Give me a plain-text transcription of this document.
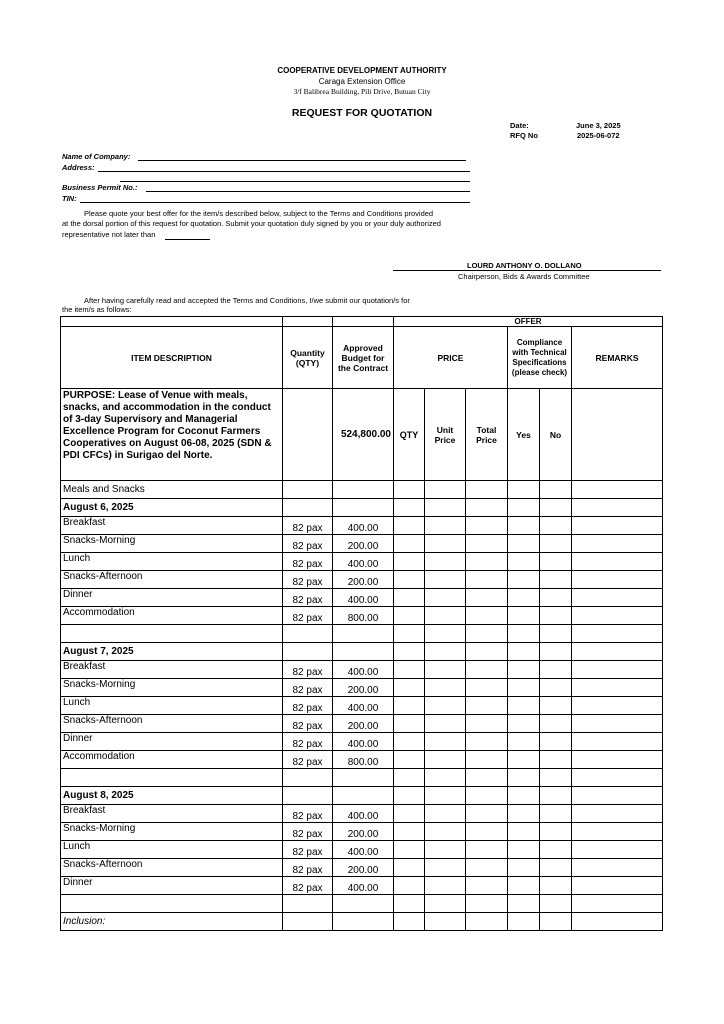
COOPERATIVE DEVELOPMENT AUTHORITY
Caraga Extension Office
3/f Balibrea Building, Pili Drive, Butuan City
REQUEST FOR QUOTATION
Date:	June 3, 2025
RFQ No	2025-06-072
Name of Company:
Address:
Business Permit No.:
TIN:
Please quote your best offer for the item/s described below, subject to the Terms and Conditions provided
at the dorsal portion of this request for quotation. Submit your quotation duly signed by you or your duly authorized
representative not later than
LOURD ANTHONY O. DOLLANO
Chairperson, Bids & Awards Committee
After having carefully read and accepted the Terms and Conditions, I/we submit our quotation/s for
the item/s as follows:
			OFFER					
ITEM DESCRIPTION	Quantity (QTY)	Approved Budget for the Contract	PRICE			Compliance with Technical Specifications (please check)		REMARKS
PURPOSE: Lease of Venue with meals, snacks, and accommodation in the conduct of 3-day Supervisory and Managerial Excellence Program for Coconut Farmers Cooperatives on August 06-08, 2025 (SDN & PDI CFCs) in Surigao del Norte.		524,800.00	QTY	Unit Price	Total Price	Yes	No	
Meals and Snacks								
August 6, 2025								
Breakfast	82 pax	400.00						
Snacks-Morning	82 pax	200.00						
Lunch	82 pax	400.00						
Snacks-Afternoon	82 pax	200.00						
Dinner	82 pax	400.00						
Accommodation	82 pax	800.00						

August 7, 2025								
Breakfast	82 pax	400.00						
Snacks-Morning	82 pax	200.00						
Lunch	82 pax	400.00						
Snacks-Afternoon	82 pax	200.00						
Dinner	82 pax	400.00						
Accommodation	82 pax	800.00						

August 8, 2025								
Breakfast	82 pax	400.00						
Snacks-Morning	82 pax	200.00						
Lunch	82 pax	400.00						
Snacks-Afternoon	82 pax	200.00						
Dinner	82 pax	400.00						

Inclusion:								
